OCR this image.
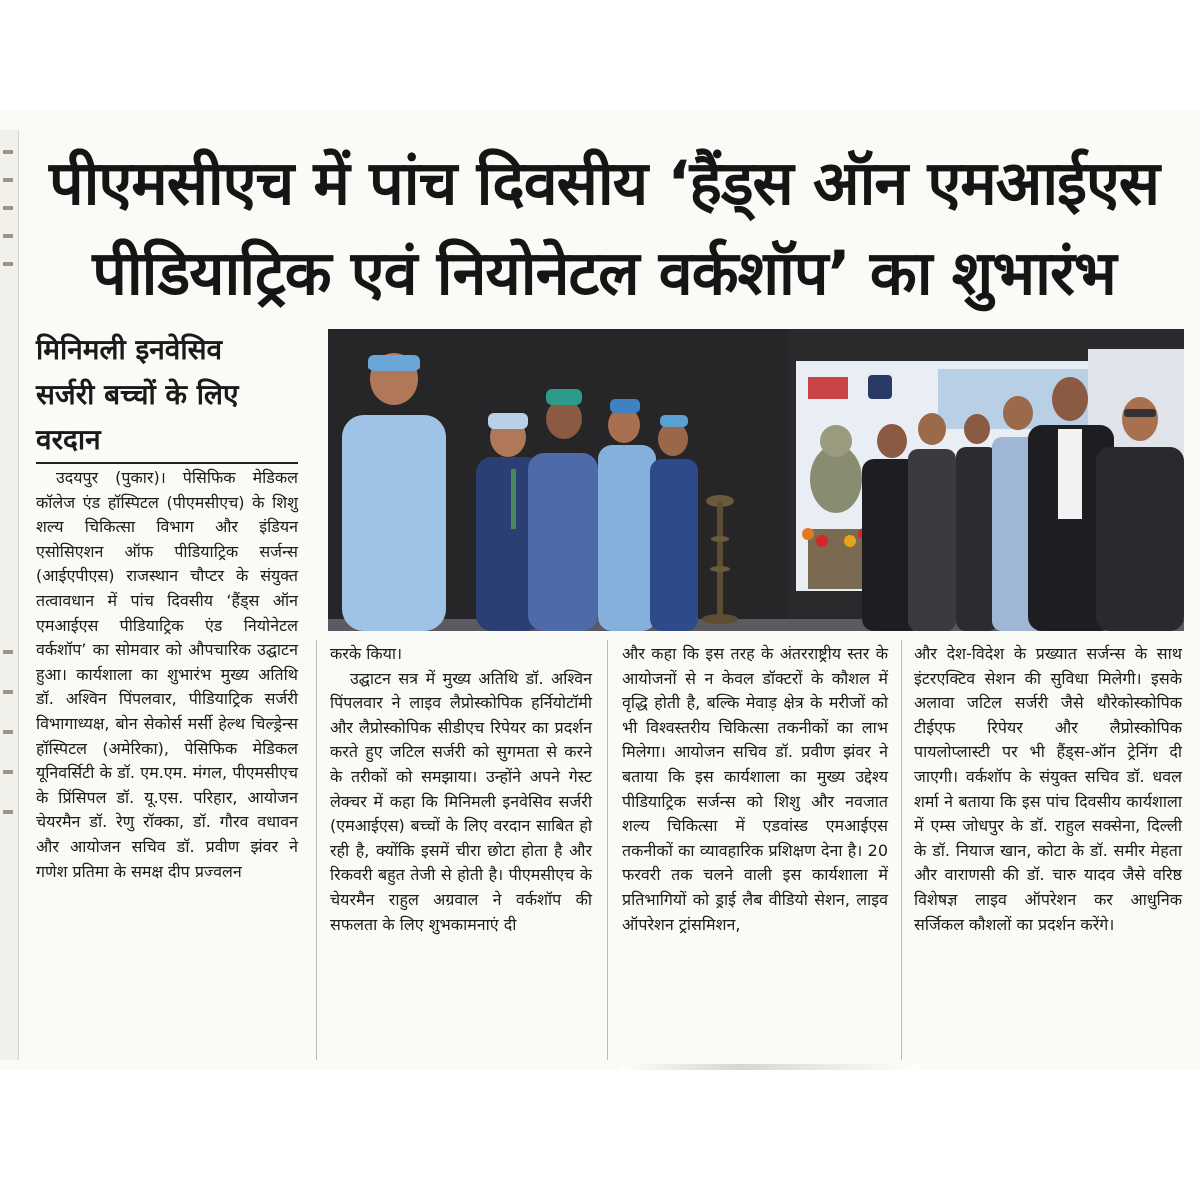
पीएमसीएच में पांच दिवसीय ‘हैंड्स ऑन एमआईएस
पीडियाट्रिक एवं नियोनेटल वर्कशॉप’ का शुभारंभ
मिनिमली इनवेसिव
सर्जरी बच्चों के लिए
वरदान

उदयपुर (पुकार)। पेसिफिक मेडिकल कॉलेज एंड हॉस्पिटल (पीएमसीएच) के शिशु शल्य चिकित्सा विभाग और इंडियन एसोसिएशन ऑफ पीडियाट्रिक सर्जन्स (आईएपीएस) राजस्थान चौप्टर के संयुक्त तत्वावधान में पांच दिवसीय ‘हैंड्स ऑन एमआईएस पीडियाट्रिक एंड नियोनेटल वर्कशॉप’ का सोमवार को औपचारिक उद्घाटन हुआ। कार्यशाला का शुभारंभ मुख्य अतिथि डॉ. अश्विन पिंपलवार, पीडियाट्रिक सर्जरी विभागाध्यक्ष, बोन सेकोर्स मर्सी हेल्थ चिल्ड्रेन्स हॉस्पिटल (अमेरिका), पेसिफिक मेडिकल यूनिवर्सिटी के डॉ. एम.एम. मंगल, पीएमसीएच के प्रिंसिपल डॉ. यू.एस. परिहार, आयोजन चेयरमैन डॉ. रेणु रॉक्का, डॉ. गौरव वधावन और आयोजन सचिव डॉ. प्रवीण झंवर ने गणेश प्रतिमा के समक्ष दीप प्रज्वलन

करके किया।

उद्घाटन सत्र में मुख्य अतिथि डॉ. अश्विन पिंपलवार ने लाइव लैप्रोस्कोपिक हर्नियोटॉमी और लैप्रोस्कोपिक सीडीएच रिपेयर का प्रदर्शन करते हुए जटिल सर्जरी को सुगमता से करने के तरीकों को समझाया। उन्होंने अपने गेस्ट लेक्चर में कहा कि मिनिमली इनवेसिव सर्जरी (एमआईएस) बच्चों के लिए वरदान साबित हो रही है, क्योंकि इसमें चीरा छोटा होता है और रिकवरी बहुत तेजी से होती है। पीएमसीएच के चेयरमैन राहुल अग्रवाल ने वर्कशॉप की सफलता के लिए शुभकामनाएं दी

और कहा कि इस तरह के अंतरराष्ट्रीय स्तर के आयोजनों से न केवल डॉक्टरों के कौशल में वृद्धि होती है, बल्कि मेवाड़ क्षेत्र के मरीजों को भी विश्वस्तरीय चिकित्सा तकनीकों का लाभ मिलेगा। आयोजन सचिव डॉ. प्रवीण झंवर ने बताया कि इस कार्यशाला का मुख्य उद्देश्य पीडियाट्रिक सर्जन्स को शिशु और नवजात शल्य चिकित्सा में एडवांस्ड एमआईएस तकनीकों का व्यावहारिक प्रशिक्षण देना है। 20 फरवरी तक चलने वाली इस कार्यशाला में प्रतिभागियों को ड्राई लैब वीडियो सेशन, लाइव ऑपरेशन ट्रांसमिशन,

और देश-विदेश के प्रख्यात सर्जन्स के साथ इंटरएक्टिव सेशन की सुविधा मिलेगी। इसके अलावा जटिल सर्जरी जैसे थौरेकोस्कोपिक टीईएफ रिपेयर और लैप्रोस्कोपिक पायलोप्लास्टी पर भी हैंड्स-ऑन ट्रेनिंग दी जाएगी। वर्कशॉप के संयुक्त सचिव डॉ. धवल शर्मा ने बताया कि इस पांच दिवसीय कार्यशाला में एम्स जोधपुर के डॉ. राहुल सक्सेना, दिल्ली के डॉ. नियाज खान, कोटा के डॉ. समीर मेहता और वाराणसी की डॉ. चारु यादव जैसे वरिष्ठ विशेषज्ञ लाइव ऑपरेशन कर आधुनिक सर्जिकल कौशलों का प्रदर्शन करेंगे।
